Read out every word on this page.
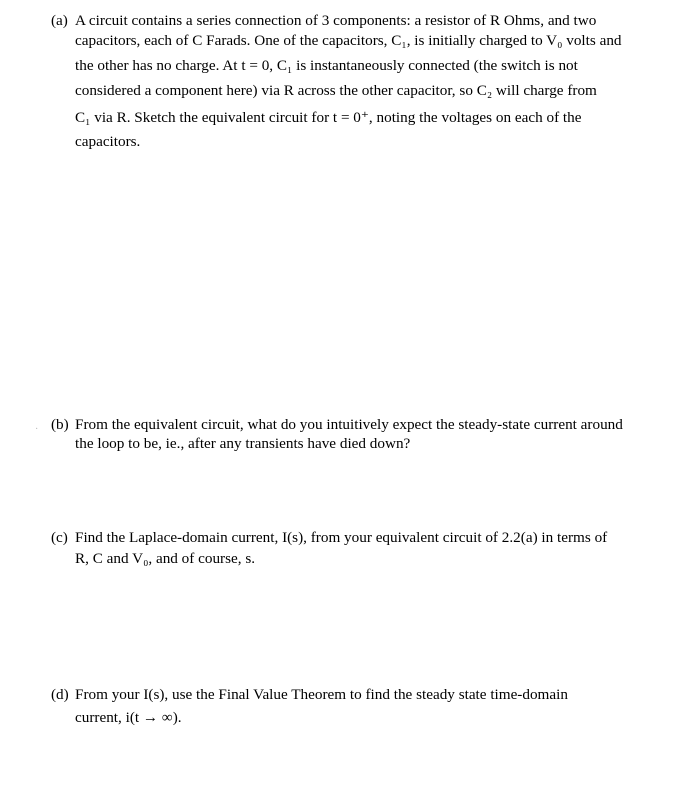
(a) A circuit contains a series connection of 3 components: a resistor of R Ohms, and two
capacitors, each of C Farads. One of the capacitors, C₁, is initially charged to V₀ volts and
the other has no charge. At t = 0, C₁ is instantaneously connected (the switch is not
considered a component here) via R across the other capacitor, so C₂ will charge from
C₁ via R. Sketch the equivalent circuit for t = 0⁺, noting the voltages on each of the
capacitors.
· (b) From the equivalent circuit, what do you intuitively expect the steady-state current around
the loop to be, ie., after any transients have died down?
(c) Find the Laplace-domain current, I(s), from your equivalent circuit of 2.2(a) in terms of
R, C and V₀, and of course, s.
(d) From your I(s), use the Final Value Theorem to find the steady state time-domain
current, i(t → ∞).
